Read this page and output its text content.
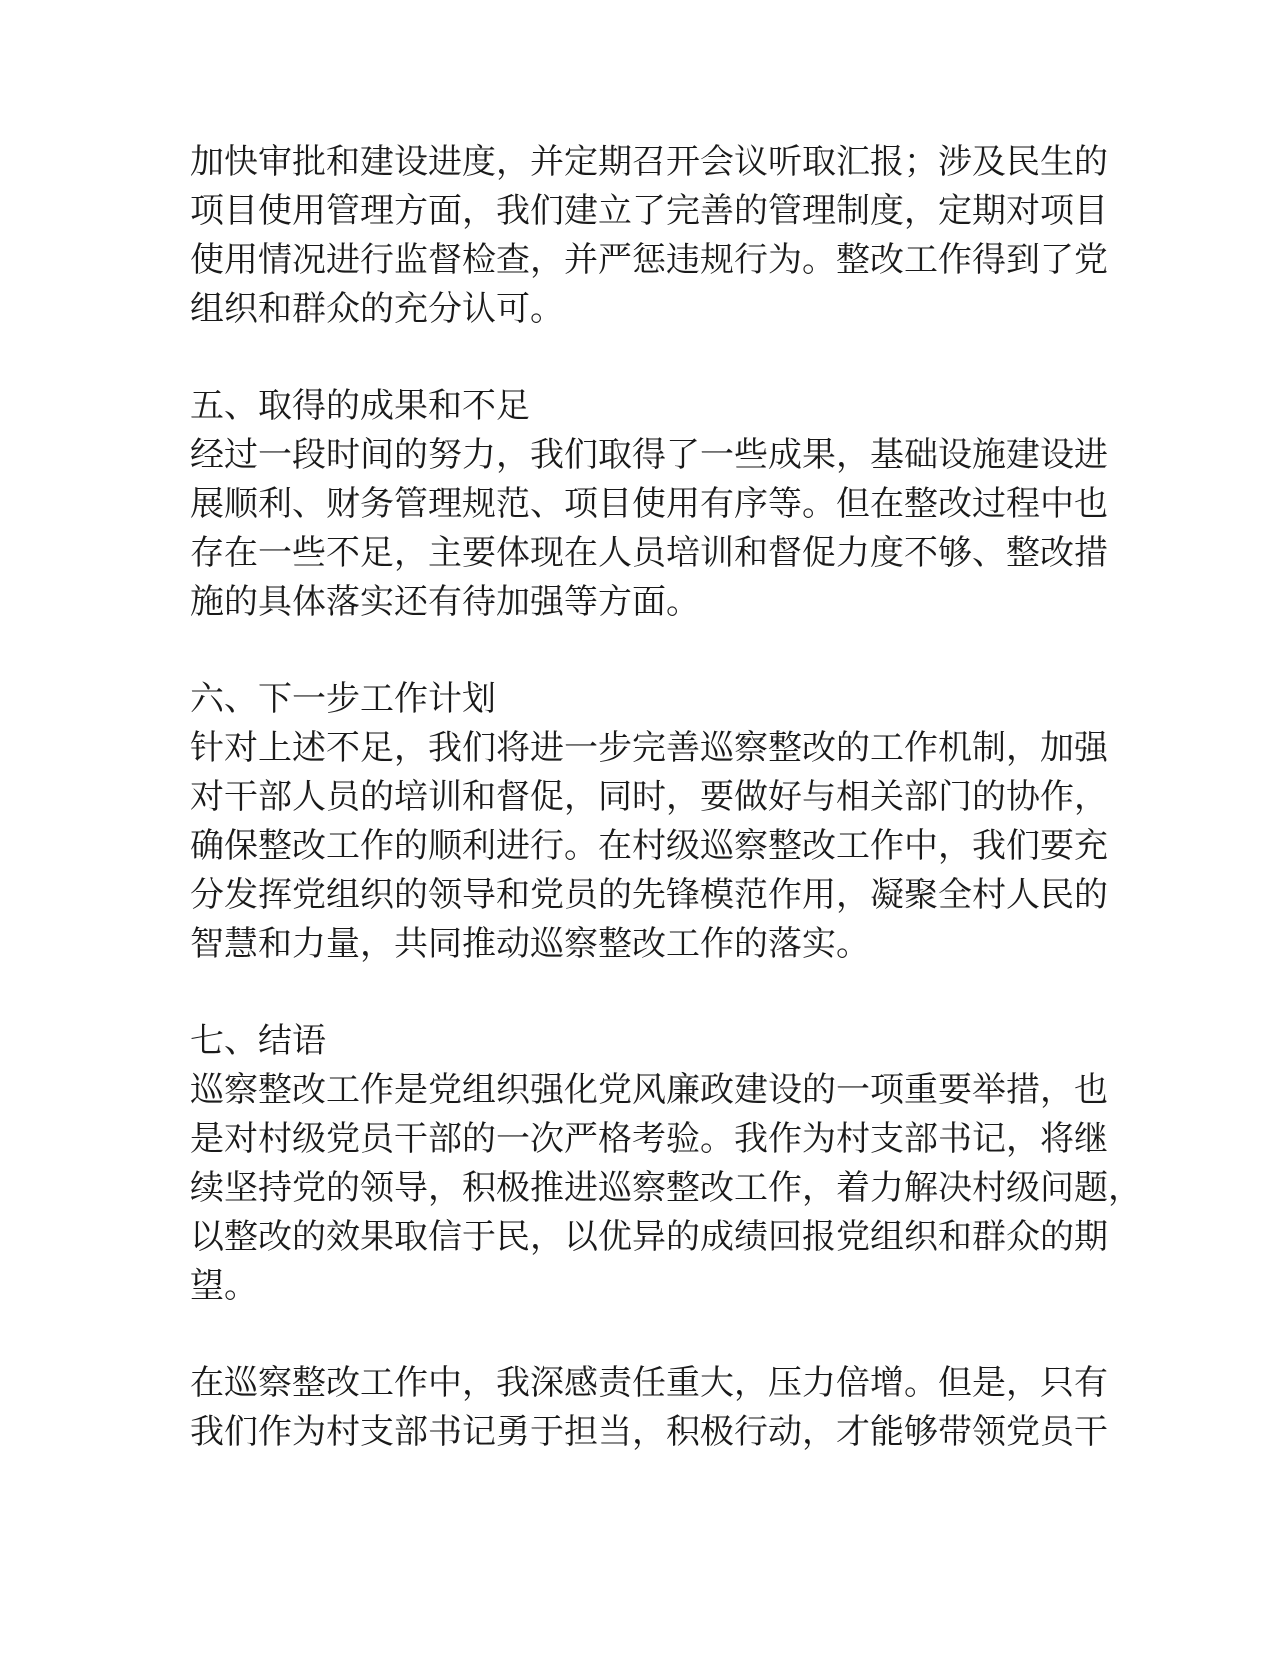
加快审批和建设进度，并定期召开会议听取汇报；涉及民生的
项目使用管理方面，我们建立了完善的管理制度，定期对项目
使用情况进行监督检查，并严惩违规行为。整改工作得到了党
组织和群众的充分认可。
五、取得的成果和不足
经过一段时间的努力，我们取得了一些成果，基础设施建设进
展顺利、财务管理规范、项目使用有序等。但在整改过程中也
存在一些不足，主要体现在人员培训和督促力度不够、整改措
施的具体落实还有待加强等方面。
六、下一步工作计划
针对上述不足，我们将进一步完善巡察整改的工作机制，加强
对干部人员的培训和督促，同时，要做好与相关部门的协作，
确保整改工作的顺利进行。在村级巡察整改工作中，我们要充
分发挥党组织的领导和党员的先锋模范作用，凝聚全村人民的
智慧和力量，共同推动巡察整改工作的落实。
七、结语
巡察整改工作是党组织强化党风廉政建设的一项重要举措，也
是对村级党员干部的一次严格考验。我作为村支部书记，将继
续坚持党的领导，积极推进巡察整改工作，着力解决村级问题，
以整改的效果取信于民，以优异的成绩回报党组织和群众的期
望。
在巡察整改工作中，我深感责任重大，压力倍增。但是，只有
我们作为村支部书记勇于担当，积极行动，才能够带领党员干
